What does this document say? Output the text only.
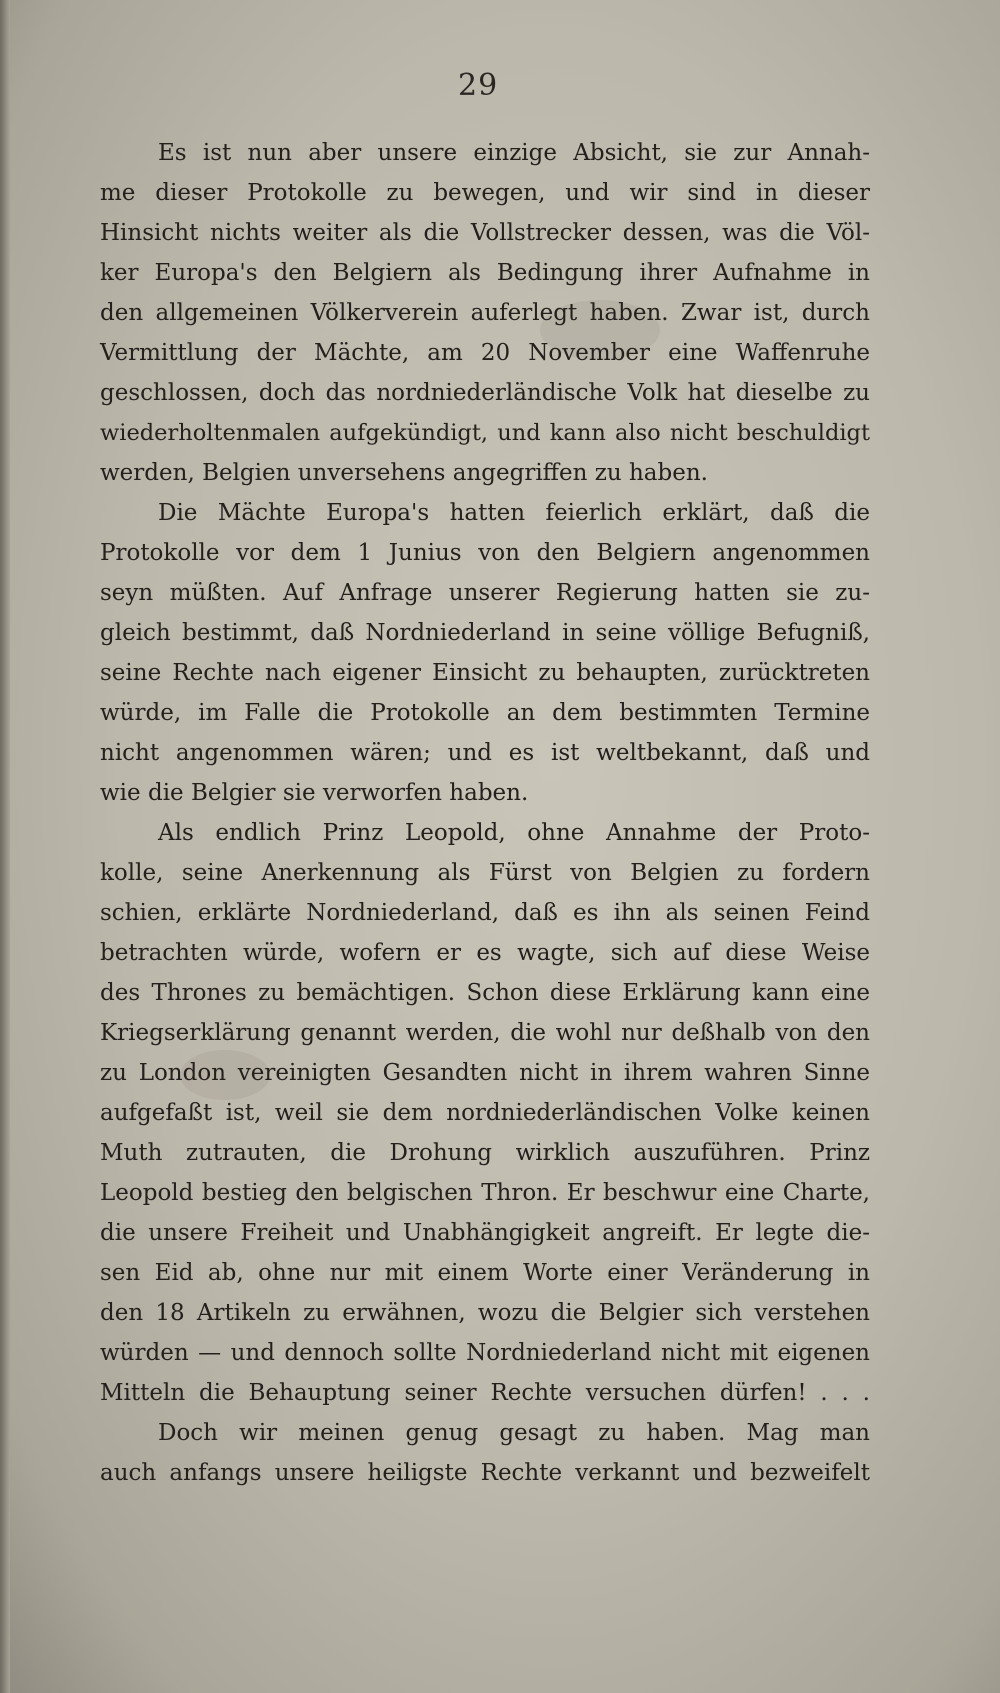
29
Es ist nun aber unsere einzige Absicht, sie zur Annah-
me dieser Protokolle zu bewegen, und wir sind in dieser
Hinsicht nichts weiter als die Vollstrecker dessen, was die Völ-
ker Europa's den Belgiern als Bedingung ihrer Aufnahme in
den allgemeinen Völkerverein auferlegt haben. Zwar ist, durch
Vermittlung der Mächte, am 20 November eine Waffenruhe
geschlossen, doch das nordniederländische Volk hat dieselbe zu
wiederholtenmalen aufgekündigt, und kann also nicht beschuldigt
werden, Belgien unversehens angegriffen zu haben.
Die Mächte Europa's hatten feierlich erklärt, daß die
Protokolle vor dem 1 Junius von den Belgiern angenommen
seyn müßten. Auf Anfrage unserer Regierung hatten sie zu-
gleich bestimmt, daß Nordniederland in seine völlige Befugniß,
seine Rechte nach eigener Einsicht zu behaupten, zurücktreten
würde, im Falle die Protokolle an dem bestimmten Termine
nicht angenommen wären; und es ist weltbekannt, daß und
wie die Belgier sie verworfen haben.
Als endlich Prinz Leopold, ohne Annahme der Proto-
kolle, seine Anerkennung als Fürst von Belgien zu fordern
schien, erklärte Nordniederland, daß es ihn als seinen Feind
betrachten würde, wofern er es wagte, sich auf diese Weise
des Thrones zu bemächtigen. Schon diese Erklärung kann eine
Kriegserklärung genannt werden, die wohl nur deßhalb von den
zu London vereinigten Gesandten nicht in ihrem wahren Sinne
aufgefaßt ist, weil sie dem nordniederländischen Volke keinen
Muth zutrauten, die Drohung wirklich auszuführen. Prinz
Leopold bestieg den belgischen Thron. Er beschwur eine Charte,
die unsere Freiheit und Unabhängigkeit angreift. Er legte die-
sen Eid ab, ohne nur mit einem Worte einer Veränderung in
den 18 Artikeln zu erwähnen, wozu die Belgier sich verstehen
würden — und dennoch sollte Nordniederland nicht mit eigenen
Mitteln die Behauptung seiner Rechte versuchen dürfen! . . .
Doch wir meinen genug gesagt zu haben. Mag man
auch anfangs unsere heiligste Rechte verkannt und bezweifelt
